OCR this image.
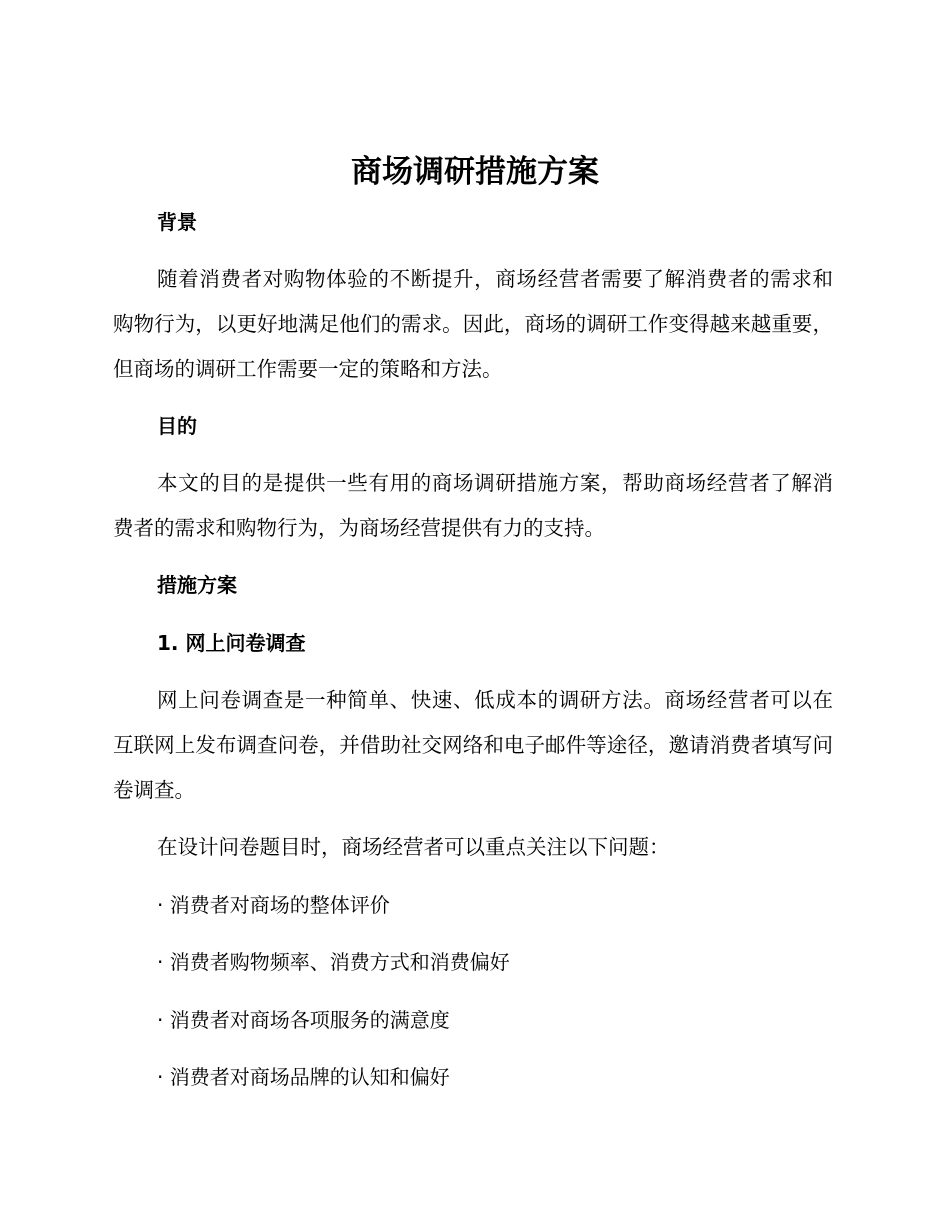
商场调研措施方案
背景

随着消费者对购物体验的不断提升，商场经营者需要了解消费者的需求和购物行为，以更好地满足他们的需求。因此，商场的调研工作变得越来越重要，但商场的调研工作需要一定的策略和方法。

目的

本文的目的是提供一些有用的商场调研措施方案，帮助商场经营者了解消费者的需求和购物行为，为商场经营提供有力的支持。

措施方案
1. 网上问卷调查

网上问卷调查是一种简单、快速、低成本的调研方法。商场经营者可以在互联网上发布调查问卷，并借助社交网络和电子邮件等途径，邀请消费者填写问卷调查。

在设计问卷题目时，商场经营者可以重点关注以下问题：

· 消费者对商场的整体评价

· 消费者购物频率、消费方式和消费偏好

· 消费者对商场各项服务的满意度

· 消费者对商场品牌的认知和偏好
